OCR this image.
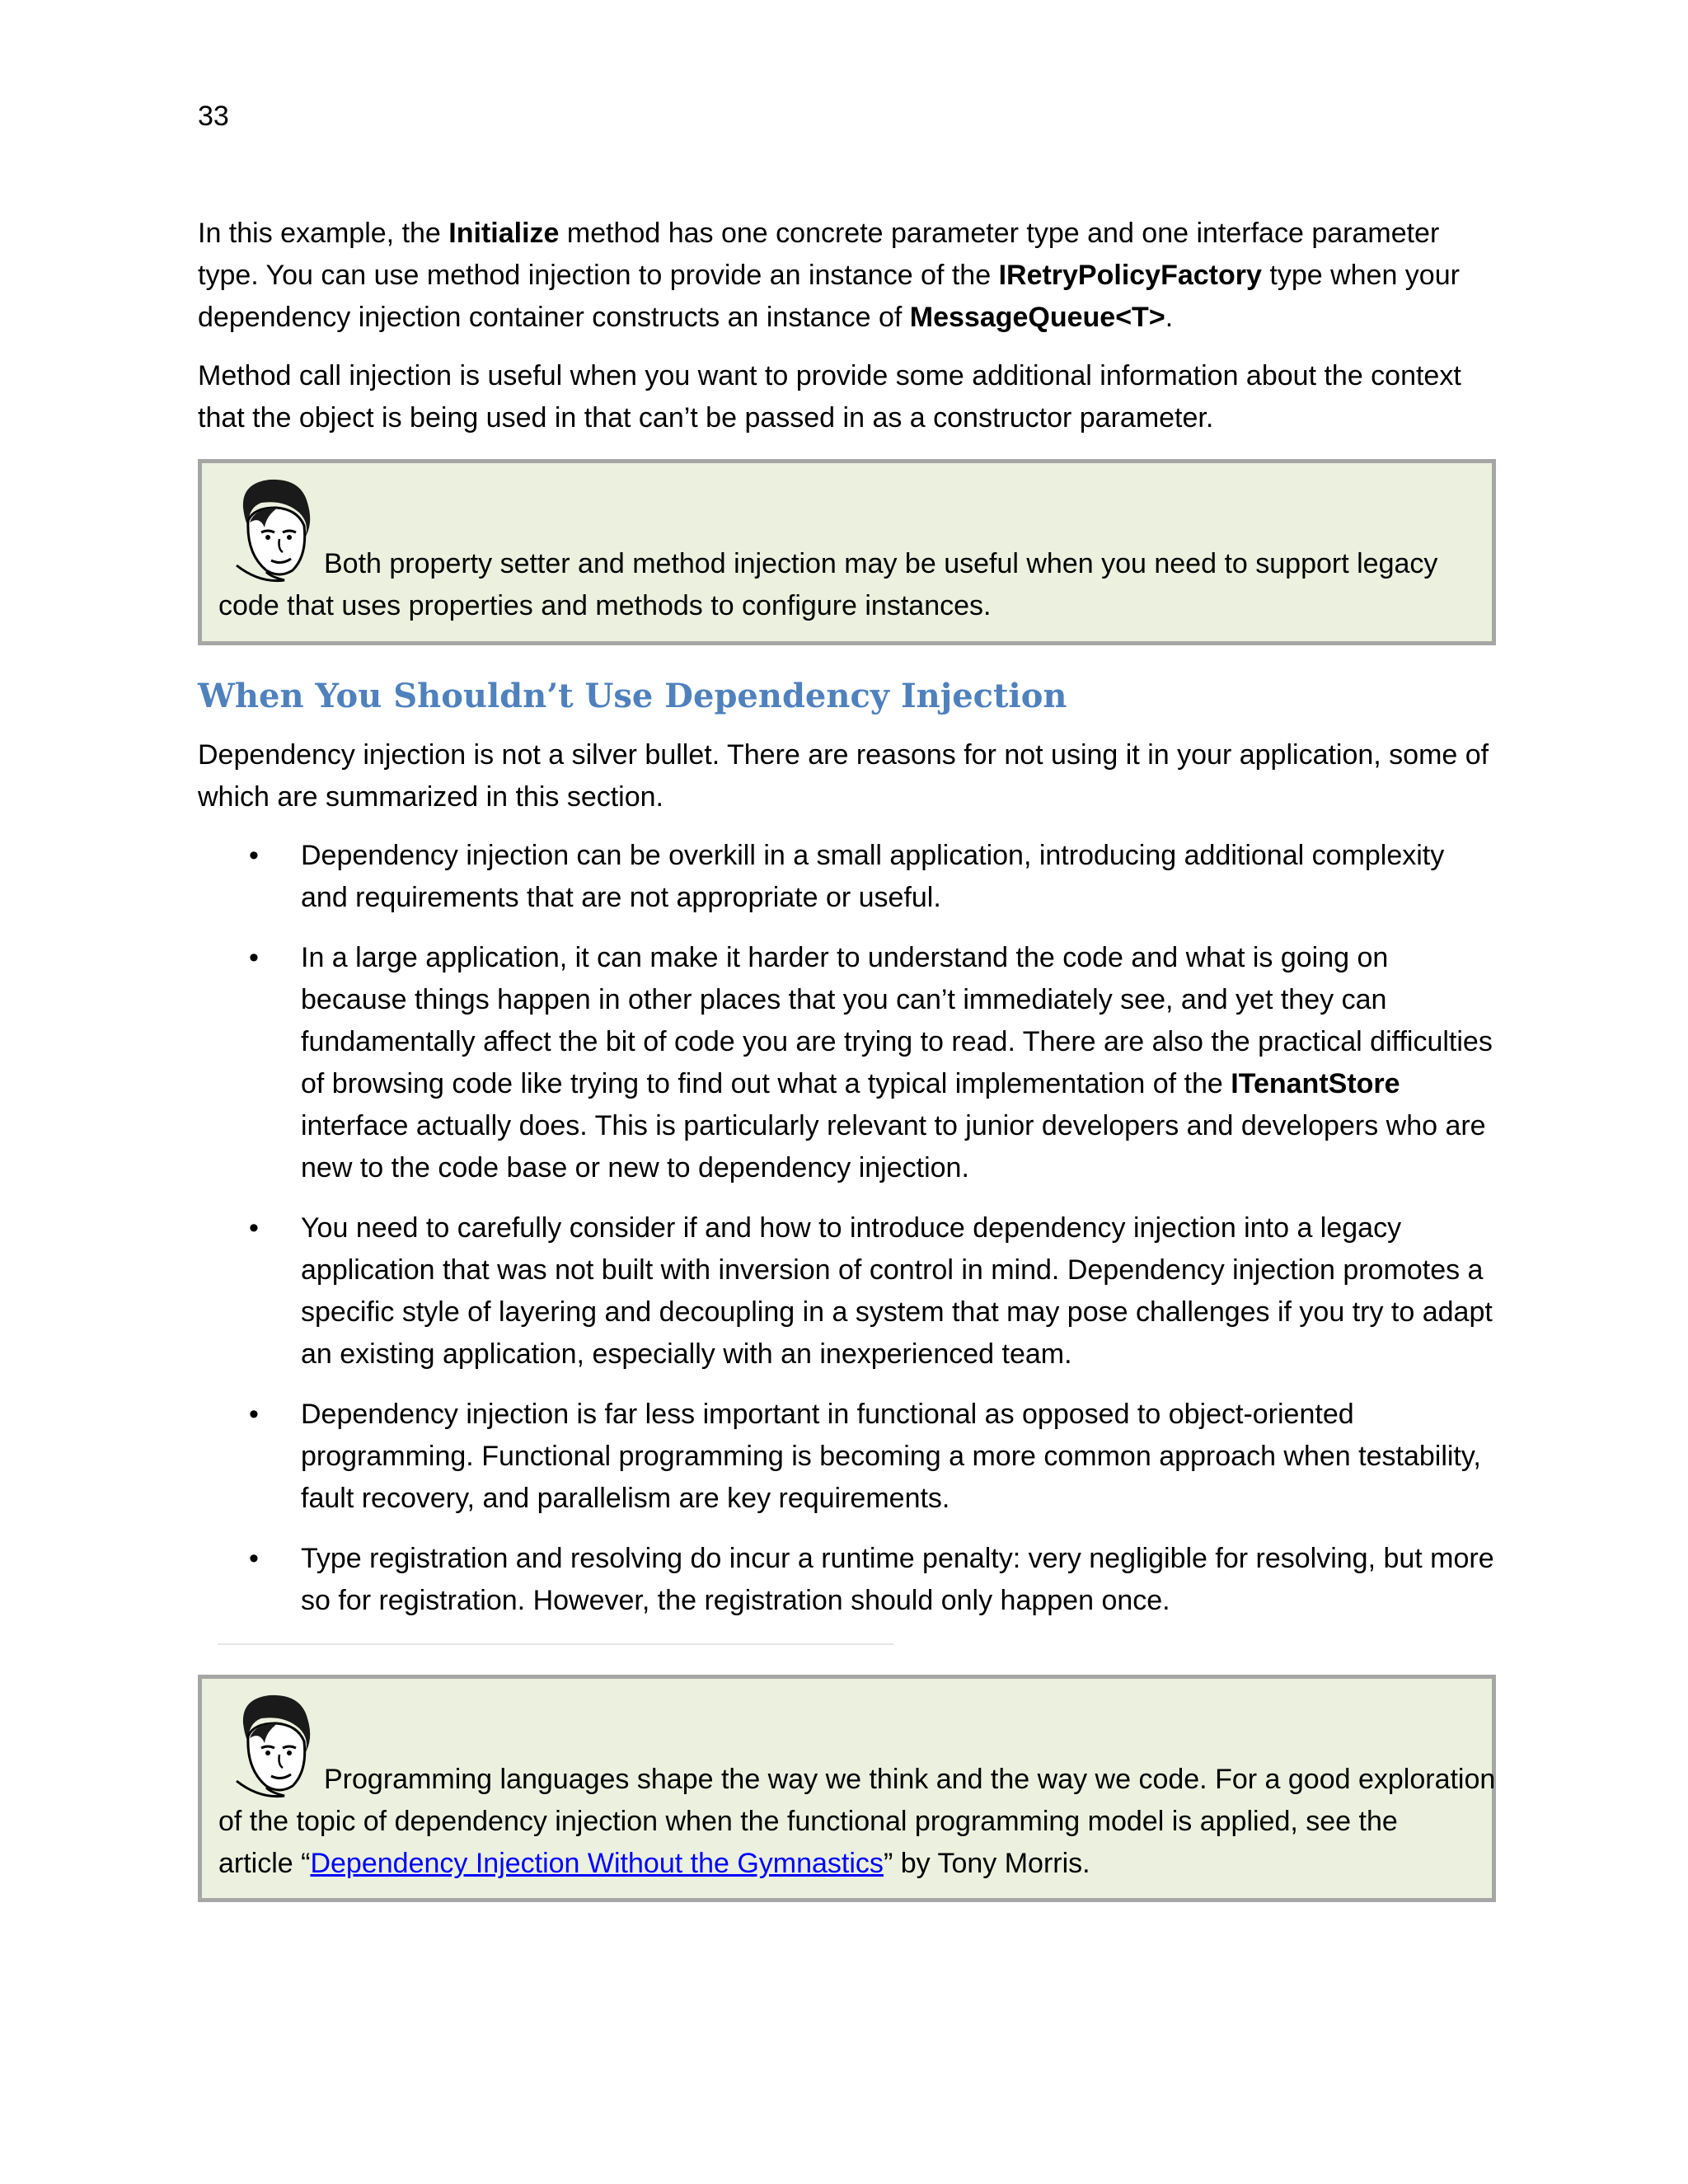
33

In this example, the Initialize method has one concrete parameter type and one interface parameter type. You can use method injection to provide an instance of the IRetryPolicyFactory type when your dependency injection container constructs an instance of MessageQueue<T>.

Method call injection is useful when you want to provide some additional information about the context that the object is being used in that can’t be passed in as a constructor parameter.

Both property setter and method injection may be useful when you need to support legacy
code that uses properties and methods to configure instances.
When You Shouldn’t Use Dependency Injection

Dependency injection is not a silver bullet. There are reasons for not using it in your application, some of which are summarized in this section.

• Dependency injection can be overkill in a small application, introducing additional complexity and requirements that are not appropriate or useful.
• In a large application, it can make it harder to understand the code and what is going on because things happen in other places that you can’t immediately see, and yet they can fundamentally affect the bit of code you are trying to read. There are also the practical difficulties of browsing code like trying to find out what a typical implementation of the ITenantStore interface actually does. This is particularly relevant to junior developers and developers who are new to the code base or new to dependency injection.
• You need to carefully consider if and how to introduce dependency injection into a legacy application that was not built with inversion of control in mind. Dependency injection promotes a specific style of layering and decoupling in a system that may pose challenges if you try to adapt an existing application, especially with an inexperienced team.
• Dependency injection is far less important in functional as opposed to object-oriented programming. Functional programming is becoming a more common approach when testability, fault recovery, and parallelism are key requirements.
• Type registration and resolving do incur a runtime penalty: very negligible for resolving, but more so for registration. However, the registration should only happen once.
Programming languages shape the way we think and the way we code. For a good exploration
of the topic of dependency injection when the functional programming model is applied, see the article “Dependency Injection Without the Gymnastics” by Tony Morris.
